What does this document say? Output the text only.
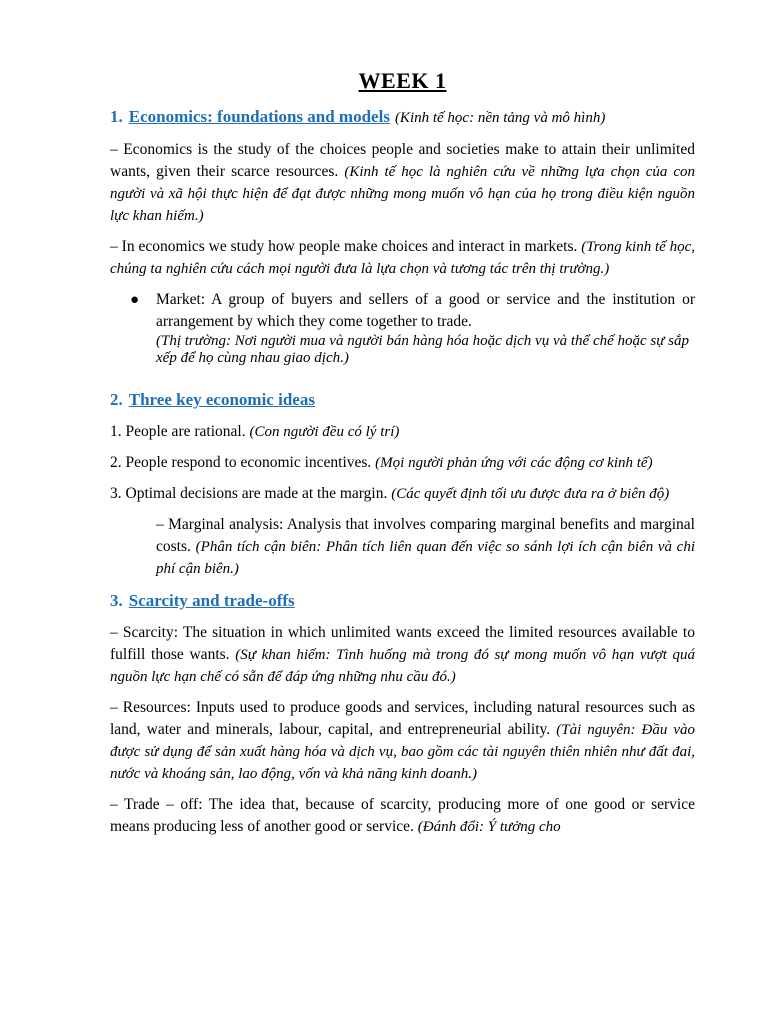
WEEK 1
1. Economics: foundations and models (Kinh tế học: nền tảng và mô hình)

– Economics is the study of the choices people and societies make to attain their unlimited wants, given their scarce resources. (Kinh tế học là nghiên cứu về những lựa chọn của con người và xã hội thực hiện để đạt được những mong muốn vô hạn của họ trong điều kiện nguồn lực khan hiếm.)

– In economics we study how people make choices and interact in markets. (Trong kinh tế học, chúng ta nghiên cứu cách mọi người đưa là lựa chọn và tương tác trên thị trường.)

● Market: A group of buyers and sellers of a good or service and the institution or arrangement by which they come together to trade.

(Thị trường: Nơi người mua và người bán hàng hóa hoặc dịch vụ và thể chế hoặc sự sắp xếp để họ cùng nhau giao dịch.)
2. Three key economic ideas

1. People are rational. (Con người đều có lý trí)

2. People respond to economic incentives. (Mọi người phản ứng với các động cơ kinh tế)

3. Optimal decisions are made at the margin. (Các quyết định tối ưu được đưa ra ở biên độ)

– Marginal analysis: Analysis that involves comparing marginal benefits and marginal costs. (Phân tích cận biên: Phân tích liên quan đến việc so sánh lợi ích cận biên và chi phí cận biên.)

3. Scarcity and trade-offs

– Scarcity: The situation in which unlimited wants exceed the limited resources available to fulfill those wants. (Sự khan hiếm: Tình huống mà trong đó sự mong muốn vô hạn vượt quá nguồn lực hạn chế có sẵn để đáp ứng những nhu cầu đó.)

– Resources: Inputs used to produce goods and services, including natural resources such as land, water and minerals, labour, capital, and entrepreneurial ability. (Tài nguyên: Đầu vào được sử dụng để sản xuất hàng hóa và dịch vụ, bao gồm các tài nguyên thiên nhiên như đất đai, nước và khoáng sản, lao động, vốn và khả năng kinh doanh.)

– Trade – off: The idea that, because of scarcity, producing more of one good or service means producing less of another good or service. (Đánh đổi: Ý tưởng cho
